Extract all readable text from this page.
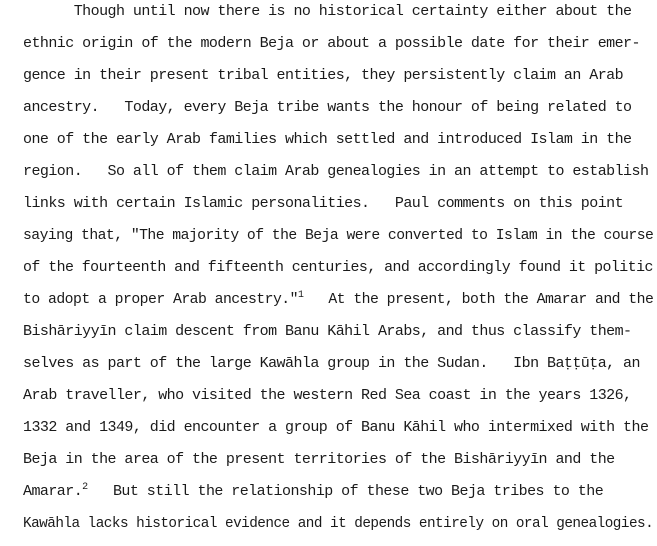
Though until now there is no historical certainty either about the
ethnic origin of the modern Beja or about a possible date for their emer-
gence in their present tribal entities, they persistently claim an Arab
ancestry.   Today, every Beja tribe wants the honour of being related to
one of the early Arab families which settled and introduced Islam in the
region.   So all of them claim Arab genealogies in an attempt to establish
links with certain Islamic personalities.   Paul comments on this point
saying that, "The majority of the Beja were converted to Islam in the course
of the fourteenth and fifteenth centuries, and accordingly found it politic
to adopt a proper Arab ancestry."$^1$   At the present, both the Amarar and the
Bishāriyyīn claim descent from Banu Kāhil Arabs, and thus classify them-
selves as part of the large Kawāhla group in the Sudan.   Ibn Baṭṭūṭa, an
Arab traveller, who visited the western Red Sea coast in the years 1326,
1332 and 1349, did encounter a group of Banu Kāhil who intermixed with the
Beja in the area of the present territories of the Bishāriyyīn and the
Amarar.$^2$   But still the relationship of these two Beja tribes to the
Kawāhla lacks historical evidence and it depends entirely on oral genealogies.
